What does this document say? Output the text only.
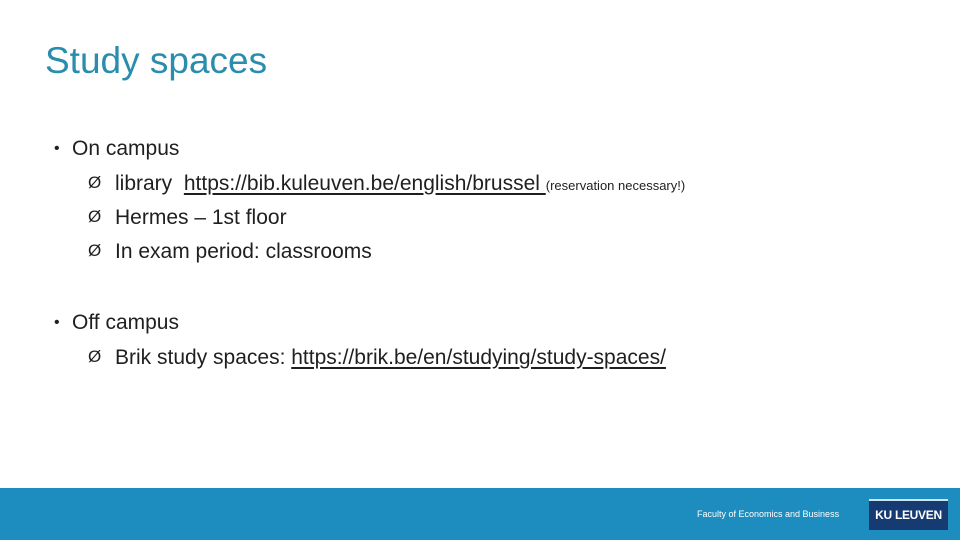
Study spaces
• On campus
Ø library  https://bib.kuleuven.be/english/brussel (reservation necessary!)
Ø Hermes – 1st floor
Ø In exam period: classrooms
• Off campus
Ø Brik study spaces: https://brik.be/en/studying/study-spaces/
Faculty of Economics and Business	KU LEUVEN
